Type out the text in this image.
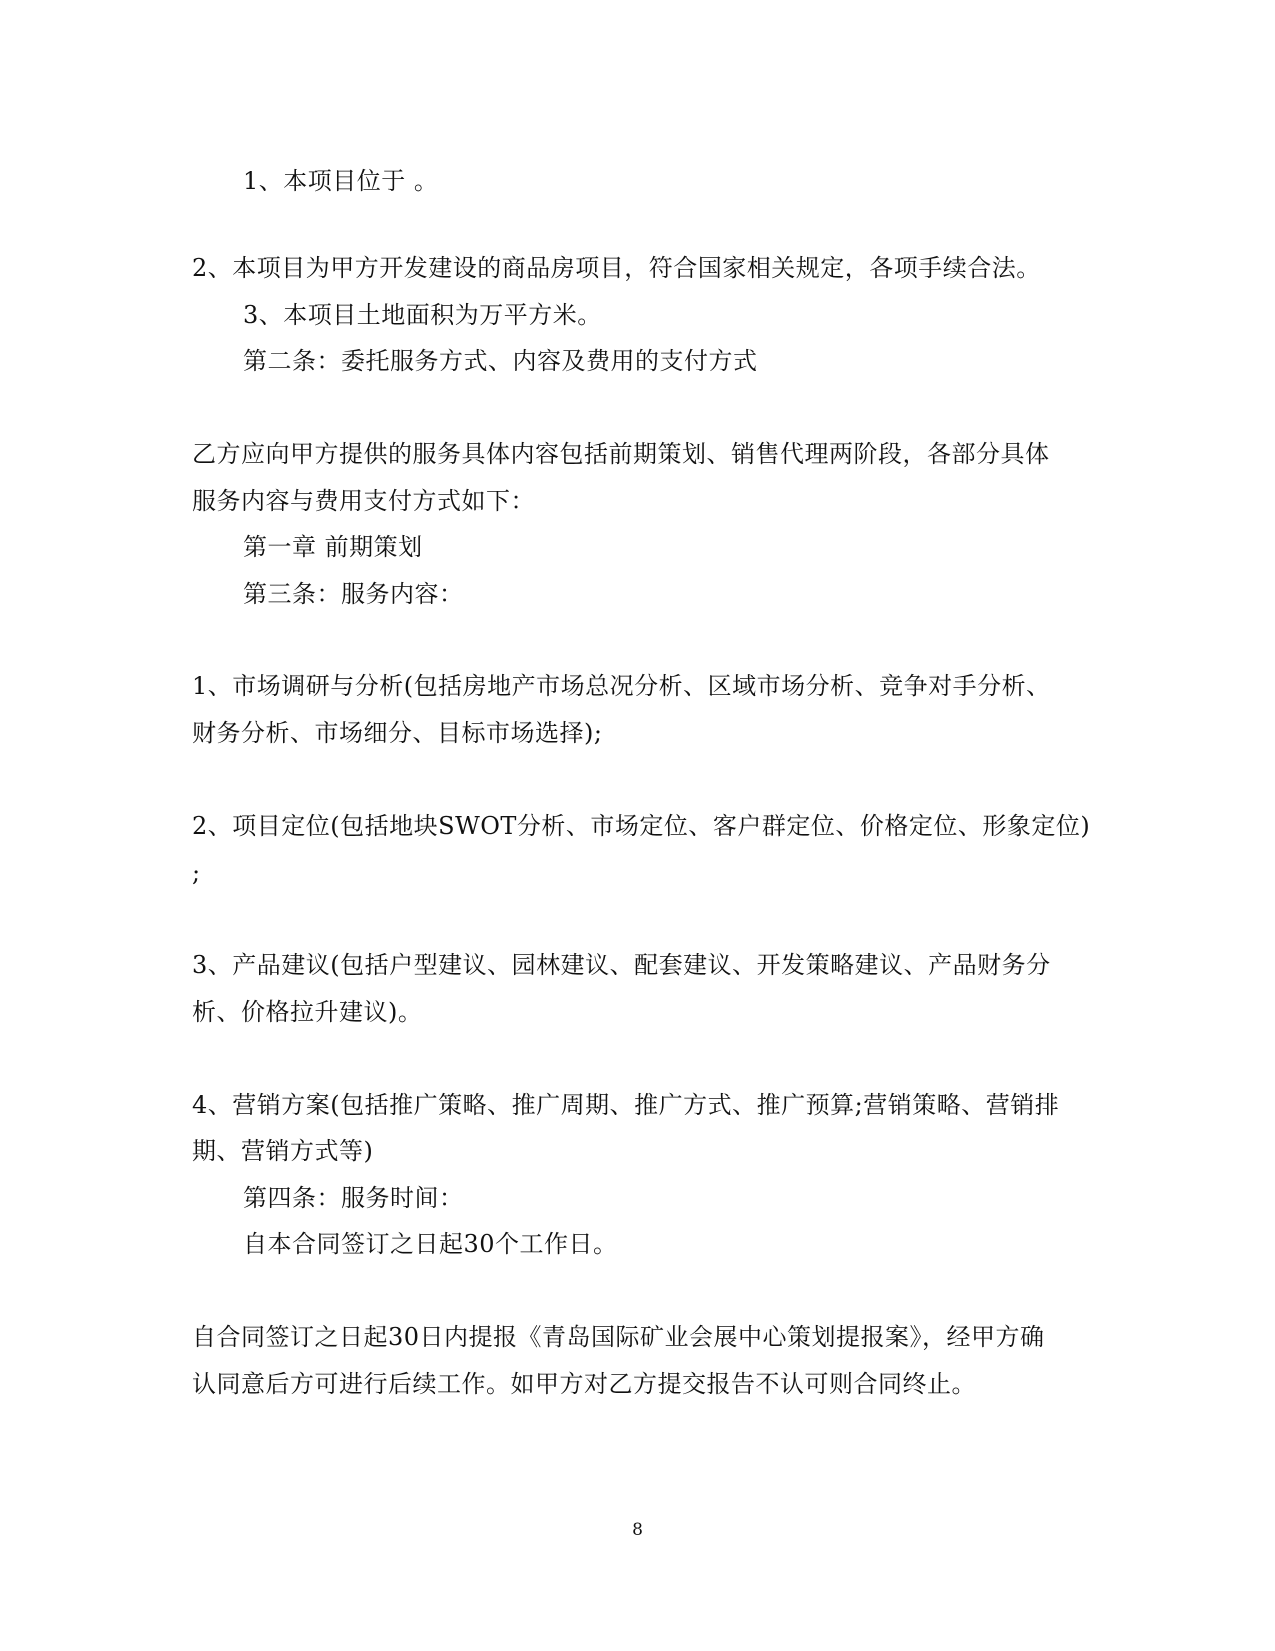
1、本项目位于 。
2、本项目为甲方开发建设的商品房项目，符合国家相关规定，各项手续合法。
3、本项目土地面积为万平方米。
第二条：委托服务方式、内容及费用的支付方式
乙方应向甲方提供的服务具体内容包括前期策划、销售代理两阶段，各部分具体
服务内容与费用支付方式如下：
第一章 前期策划
第三条：服务内容：
1、市场调研与分析(包括房地产市场总况分析、区域市场分析、竞争对手分析、
财务分析、市场细分、目标市场选择);
2、项目定位(包括地块SWOT分析、市场定位、客户群定位、价格定位、形象定位)
;
3、产品建议(包括户型建议、园林建议、配套建议、开发策略建议、产品财务分
析、价格拉升建议)。
4、营销方案(包括推广策略、推广周期、推广方式、推广预算;营销策略、营销排
期、营销方式等)
第四条：服务时间：
自本合同签订之日起30个工作日。
自合同签订之日起30日内提报《青岛国际矿业会展中心策划提报案》，经甲方确
认同意后方可进行后续工作。如甲方对乙方提交报告不认可则合同终止。
8
